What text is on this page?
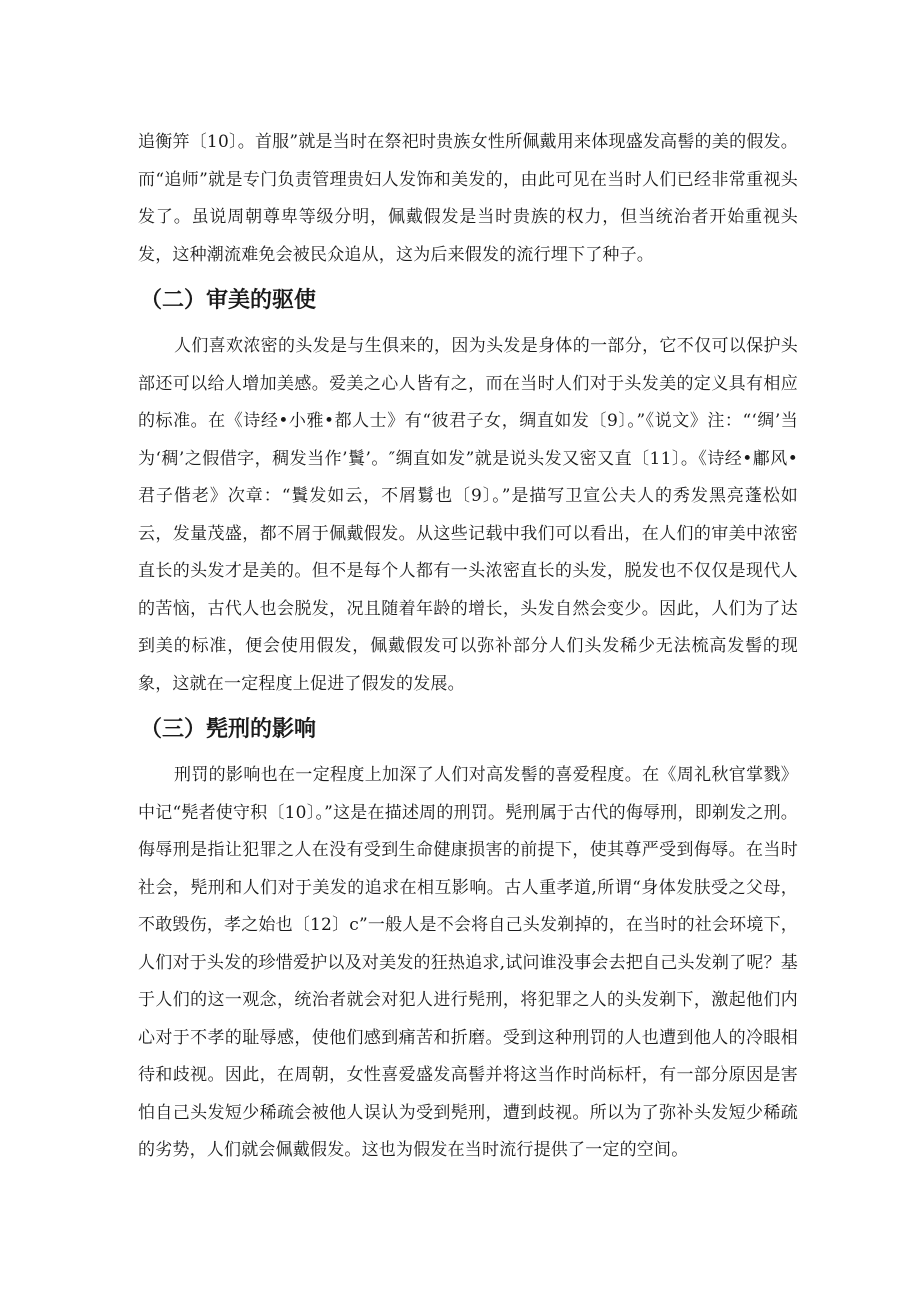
追衡笄〔10〕。首服”就是当时在祭祀时贵族女性所佩戴用来体现盛发高髻的美的假发。而“追师”就是专门负责管理贵妇人发饰和美发的，由此可见在当时人们已经非常重视头发了。虽说周朝尊卑等级分明，佩戴假发是当时贵族的权力，但当统治者开始重视头发，这种潮流难免会被民众追从，这为后来假发的流行埋下了种子。

（二）审美的驱使

人们喜欢浓密的头发是与生俱来的，因为头发是身体的一部分，它不仅可以保护头部还可以给人增加美感。爱美之心人皆有之，而在当时人们对于头发美的定义具有相应的标准。在《诗经•小雅•都人士》有“彼君子女，绸直如发〔9〕。”《说文》注：“‘绸’当为‘稠’之假借字，稠发当作’鬒’。″绸直如发”就是说头发又密又直〔11〕。《诗经•鄘风•君子偕老》次章：“鬒发如云，不屑鬄也〔9〕。”是描写卫宣公夫人的秀发黑亮蓬松如云，发量茂盛，都不屑于佩戴假发。从这些记载中我们可以看出，在人们的审美中浓密直长的头发才是美的。但不是每个人都有一头浓密直长的头发，脱发也不仅仅是现代人的苦恼，古代人也会脱发，况且随着年龄的增长，头发自然会变少。因此，人们为了达到美的标准，便会使用假发，佩戴假发可以弥补部分人们头发稀少无法梳高发髻的现象，这就在一定程度上促进了假发的发展。

（三）髡刑的影响

刑罚的影响也在一定程度上加深了人们对高发髻的喜爱程度。在《周礼秋官掌戮》中记“髡者使守积〔10〕。”这是在描述周的刑罚。髡刑属于古代的侮辱刑，即剃发之刑。侮辱刑是指让犯罪之人在没有受到生命健康损害的前提下，使其尊严受到侮辱。在当时社会，髡刑和人们对于美发的追求在相互影响。古人重孝道,所谓“身体发肤受之父母，不敢毁伤，孝之始也〔12〕c”一般人是不会将自己头发剃掉的，在当时的社会环境下，人们对于头发的珍惜爱护以及对美发的狂热追求,试问谁没事会去把自己头发剃了呢？基于人们的这一观念，统治者就会对犯人进行髡刑，将犯罪之人的头发剃下，激起他们内心对于不孝的耻辱感，使他们感到痛苦和折磨。受到这种刑罚的人也遭到他人的冷眼相待和歧视。因此，在周朝，女性喜爱盛发高髻并将这当作时尚标杆，有一部分原因是害怕自己头发短少稀疏会被他人误认为受到髡刑，遭到歧视。所以为了弥补头发短少稀疏的劣势，人们就会佩戴假发。这也为假发在当时流行提供了一定的空间。
